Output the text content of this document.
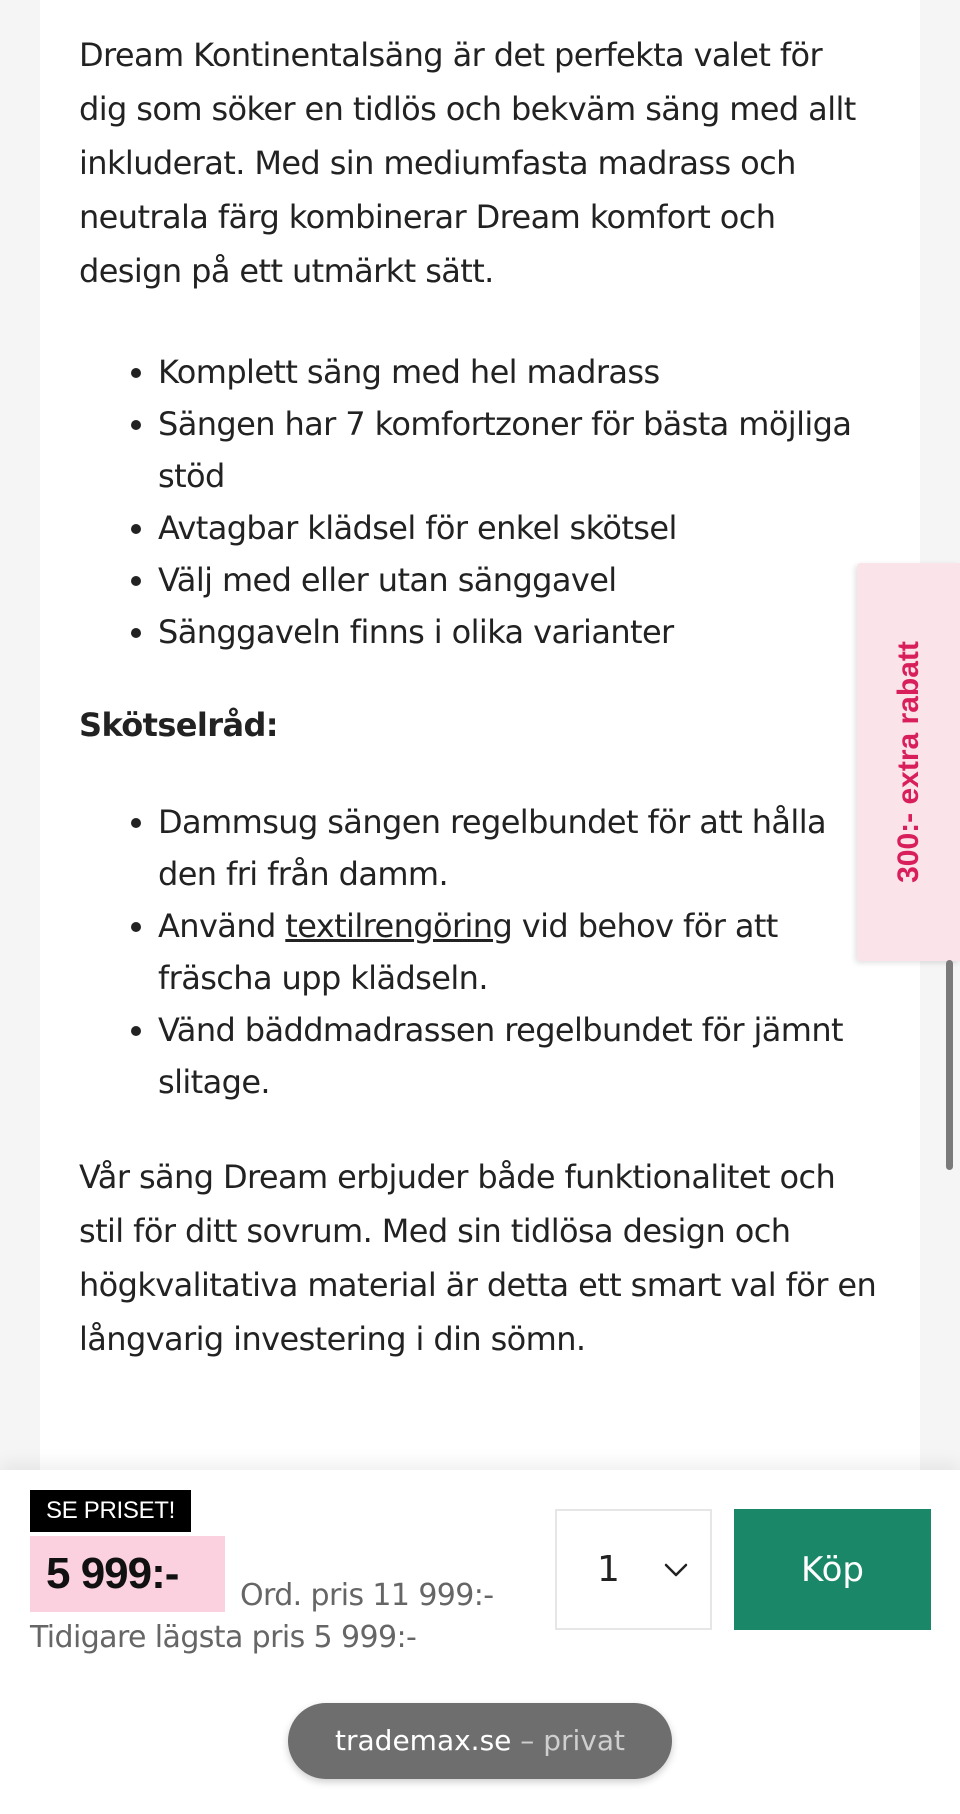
Dream Kontinentalsäng är det perfekta valet för dig som söker en tidlös och bekväm säng med allt inkluderat. Med sin mediumfasta madrass och neutrala färg kombinerar Dream komfort och design på ett utmärkt sätt.

• Komplett säng med hel madrass
• Sängen har 7 komfortzoner för bästa möjliga stöd
• Avtagbar klädsel för enkel skötsel
• Välj med eller utan sänggavel
• Sänggaveln finns i olika varianter

Skötselråd:

• Dammsug sängen regelbundet för att hålla den fri från damm.
• Använd textilrengöring vid behov för att fräscha upp klädseln.
• Vänd bäddmadrassen regelbundet för jämnt slitage.

Vår säng Dream erbjuder både funktionalitet och stil för ditt sovrum. Med sin tidlösa design och högkvalitativa material är detta ett smart val för en långvarig investering i din sömn.

300:- extra rabatt
SE PRISET!
5 999:- Ord. pris 11 999:-
Tidigare lägsta pris 5 999:-
1	Köp
trademax.se – privat
